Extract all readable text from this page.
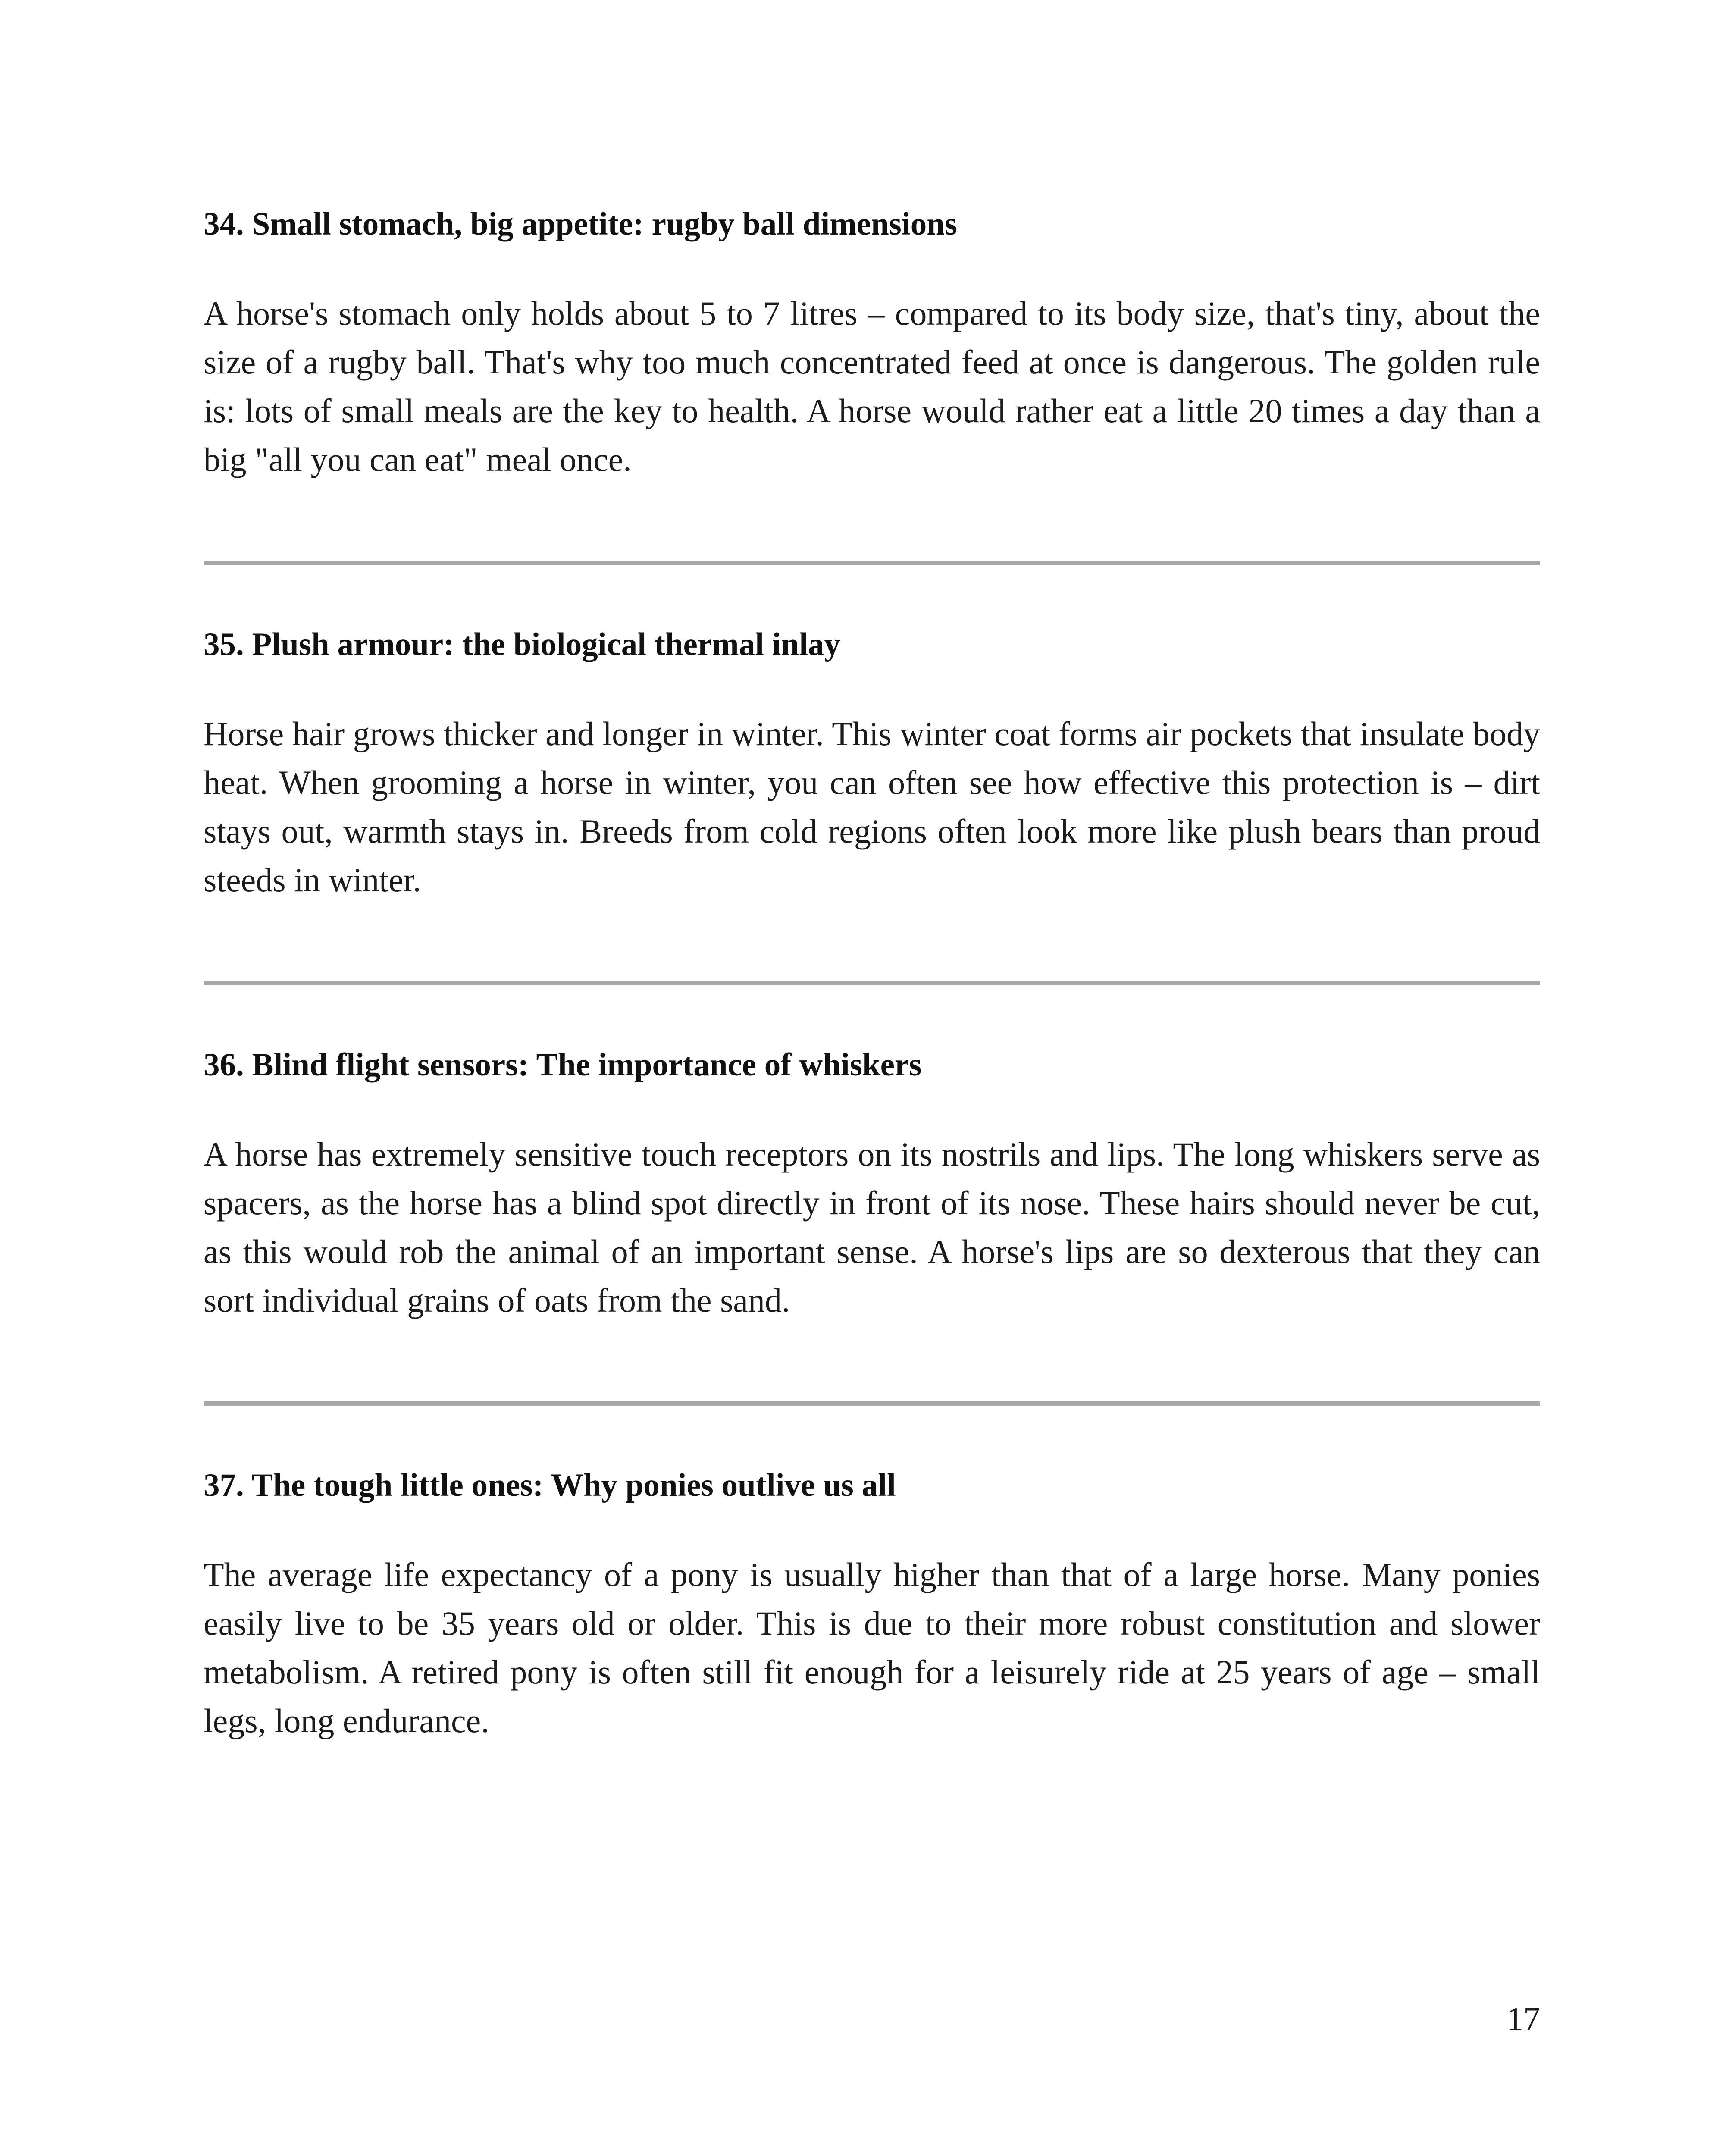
34. Small stomach, big appetite: rugby ball dimensions

A horse's stomach only holds about 5 to 7 litres – compared to its body size, that's tiny, about the size of a rugby ball. That's why too much concentrated feed at once is dangerous. The golden rule is: lots of small meals are the key to health. A horse would rather eat a little 20 times a day than a big "all you can eat" meal once.

35. Plush armour: the biological thermal inlay

Horse hair grows thicker and longer in winter. This winter coat forms air pockets that insulate body heat. When grooming a horse in winter, you can often see how effective this protection is – dirt stays out, warmth stays in. Breeds from cold regions often look more like plush bears than proud steeds in winter.

36. Blind flight sensors: The importance of whiskers

A horse has extremely sensitive touch receptors on its nostrils and lips. The long whiskers serve as spacers, as the horse has a blind spot directly in front of its nose. These hairs should never be cut, as this would rob the animal of an important sense. A horse's lips are so dexterous that they can sort individual grains of oats from the sand.

37. The tough little ones: Why ponies outlive us all

The average life expectancy of a pony is usually higher than that of a large horse. Many ponies easily live to be 35 years old or older. This is due to their more robust constitution and slower metabolism. A retired pony is often still fit enough for a leisurely ride at 25 years of age – small legs, long endurance.

17
